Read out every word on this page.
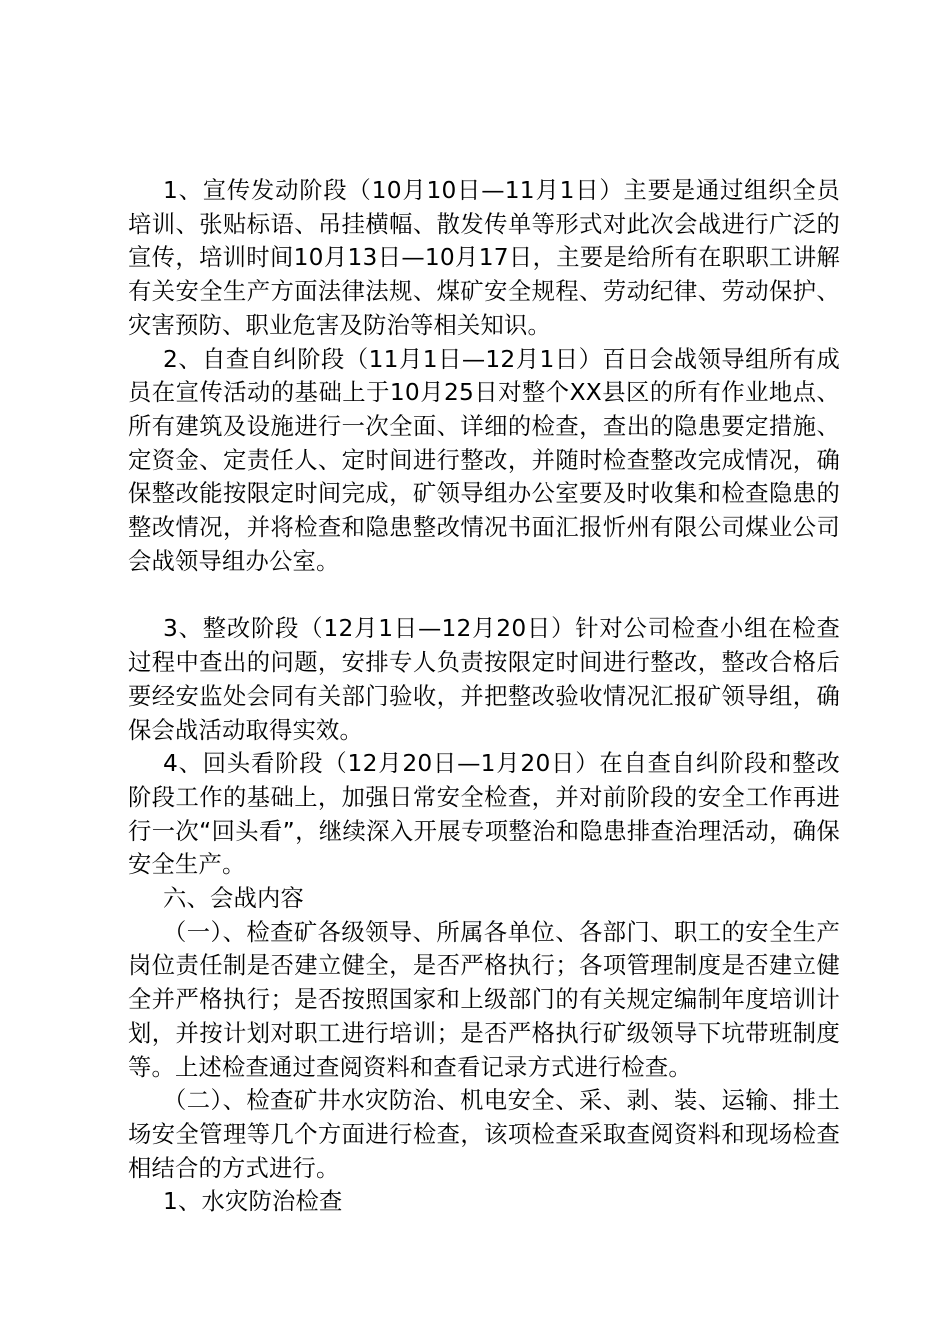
1、宣传发动阶段（10月10日—11月1日）主要是通过组织全员培训、张贴标语、吊挂横幅、散发传单等形式对此次会战进行广泛的宣传，培训时间10月13日—10月17日，主要是给所有在职职工讲解有关安全生产方面法律法规、煤矿安全规程、劳动纪律、劳动保护、灾害预防、职业危害及防治等相关知识。

2、自查自纠阶段（11月1日—12月1日）百日会战领导组所有成员在宣传活动的基础上于10月25日对整个XX县区的所有作业地点、所有建筑及设施进行一次全面、详细的检查，查出的隐患要定措施、定资金、定责任人、定时间进行整改，并随时检查整改完成情况，确保整改能按限定时间完成，矿领导组办公室要及时收集和检查隐患的整改情况，并将检查和隐患整改情况书面汇报忻州有限公司煤业公司会战领导组办公室。

3、整改阶段（12月1日—12月20日）针对公司检查小组在检查过程中查出的问题，安排专人负责按限定时间进行整改，整改合格后要经安监处会同有关部门验收，并把整改验收情况汇报矿领导组，确保会战活动取得实效。

4、回头看阶段（12月20日—1月20日）在自查自纠阶段和整改阶段工作的基础上，加强日常安全检查，并对前阶段的安全工作再进行一次“回头看”，继续深入开展专项整治和隐患排查治理活动，确保安全生产。

六、会战内容

（一）、检查矿各级领导、所属各单位、各部门、职工的安全生产岗位责任制是否建立健全，是否严格执行；各项管理制度是否建立健全并严格执行；是否按照国家和上级部门的有关规定编制年度培训计划，并按计划对职工进行培训；是否严格执行矿级领导下坑带班制度等。上述检查通过查阅资料和查看记录方式进行检查。

（二）、检查矿井水灾防治、机电安全、采、剥、装、运输、排土场安全管理等几个方面进行检查，该项检查采取查阅资料和现场检查相结合的方式进行。

1、水灾防治检查
